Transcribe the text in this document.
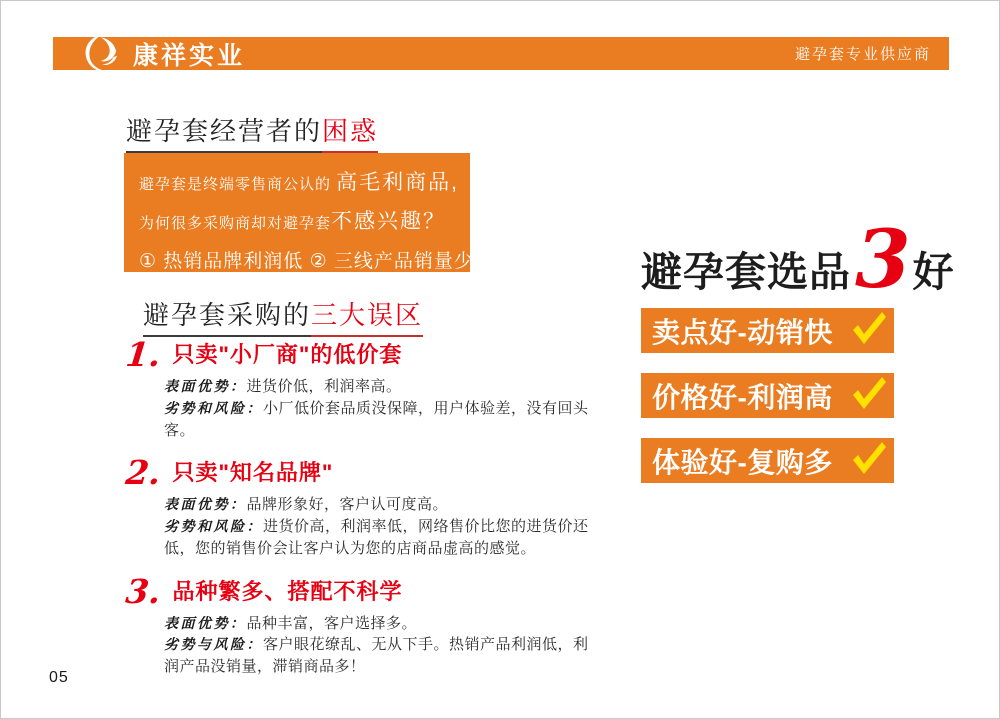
康祥实业	避孕套专业供应商
避孕套经营者的困惑

避孕套是终端零售商公认的 高毛利商品,

为何很多采购商却对避孕套不感兴趣？

① 热销品牌利润低 ② 三线产品销量少

避孕套采购的三大误区
1. 只卖"小厂商"的低价套

表面优势：进货价低，利润率高。

劣势和风险：小厂低价套品质没保障，用户体验差，没有回头客。

2. 只卖"知名品牌"

表面优势：品牌形象好，客户认可度高。

劣势和风险：进货价高，利润率低，网络售价比您的进货价还低，您的销售价会让客户认为您的店商品虚高的感觉。

3. 品种繁多、搭配不科学

表面优势：品种丰富，客户选择多。

劣势与风险：客户眼花缭乱、无从下手。热销产品利润低，利润产品没销量，滞销商品多！

避孕套选品 3 好
卖点好-动销快
价格好-利润高
体验好-复购多
05
